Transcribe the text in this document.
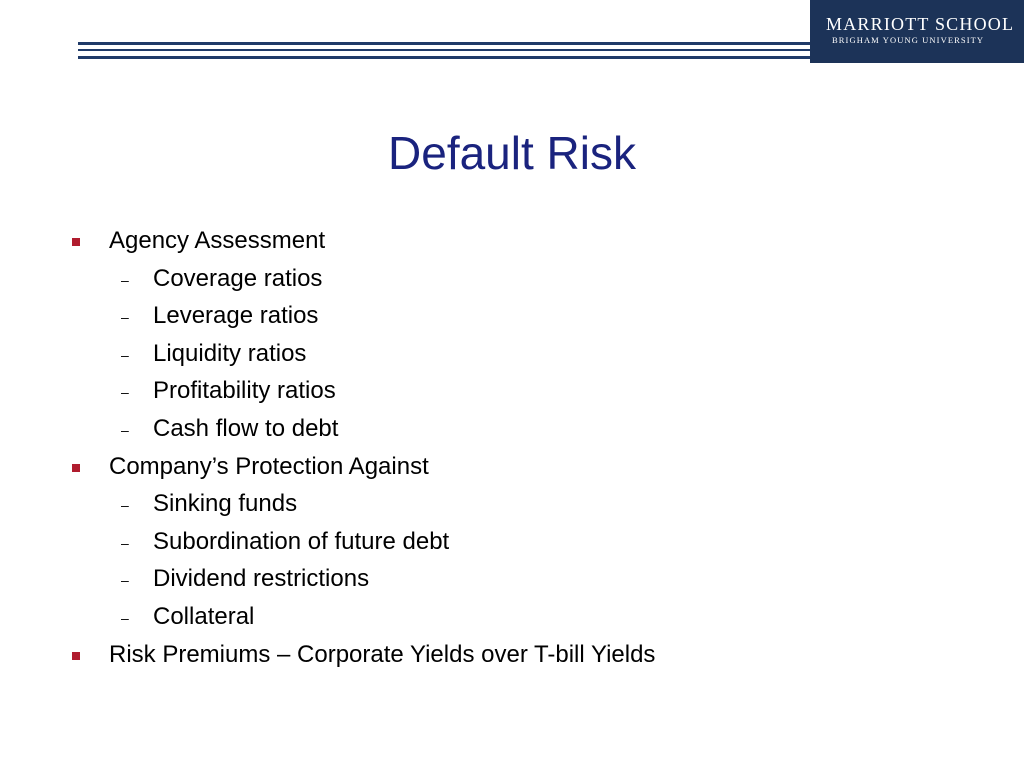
MARRIOTT SCHOOL
BRIGHAM YOUNG UNIVERSITY
Default Risk
Agency Assessment
– Coverage ratios
– Leverage ratios
– Liquidity ratios
– Profitability ratios
– Cash flow to debt
Company’s Protection Against
– Sinking funds
– Subordination of future debt
– Dividend restrictions
– Collateral
Risk Premiums – Corporate Yields over T-bill Yields
